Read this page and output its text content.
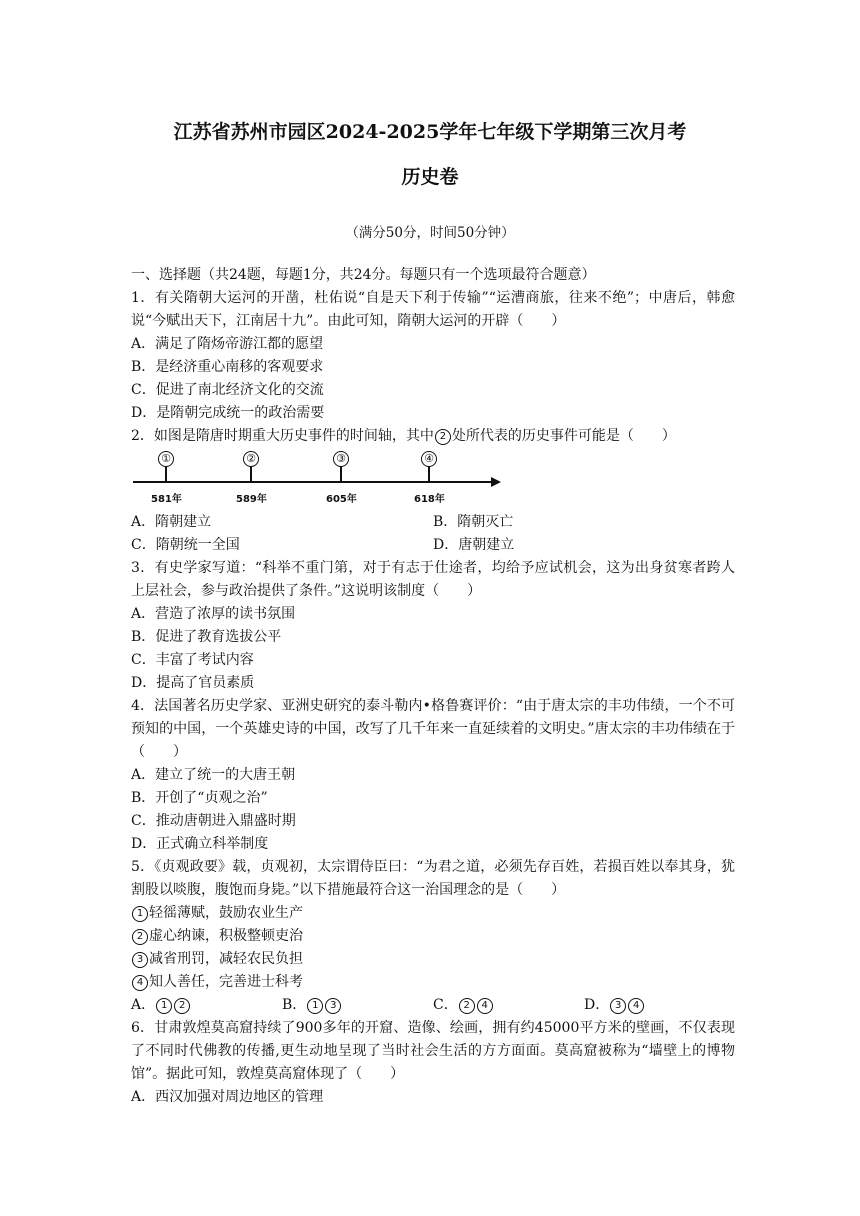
江苏省苏州市园区2024-2025学年七年级下学期第三次月考
历史卷
（满分50分，时间50分钟）

一、选择题（共24题，每题1分，共24分。每题只有一个选项最符合题意）

1．有关隋朝大运河的开凿，杜佑说“自是天下利于传输”“运漕商旅，往来不绝”；中唐后，韩愈说“今赋出天下，江南居十九”。由此可知，隋朝大运河的开辟（　　）

A．满足了隋炀帝游江都的愿望

B．是经济重心南移的客观要求

C．促进了南北经济文化的交流

D．是隋朝完成统一的政治需要

2．如图是隋唐时期重大历史事件的时间轴，其中 2 处所代表的历史事件可能是（　　）

①	②	③	④
581年	589年	605年	618年
A．隋朝建立	B．隋朝灭亡
C．隋朝统一全国	D．唐朝建立

3．有史学家写道：“科举不重门第，对于有志于仕途者，均给予应试机会，这为出身贫寒者跨人上层社会，参与政治提供了条件。”这说明该制度（　　）

A．营造了浓厚的读书氛围

B．促进了教育选拔公平

C．丰富了考试内容

D．提高了官员素质

4．法国著名历史学家、亚洲史研究的泰斗勒内•格鲁赛评价：“由于唐太宗的丰功伟绩，一个不可预知的中国，一个英雄史诗的中国，改写了几千年来一直延续着的文明史。”唐太宗的丰功伟绩在于（　　）

A．建立了统一的大唐王朝

B．开创了“贞观之治”

C．推动唐朝进入鼎盛时期

D．正式确立科举制度

5．《贞观政要》载，贞观初，太宗谓侍臣曰：“为君之道，必须先存百姓，若损百姓以奉其身，犹割股以啖腹，腹饱而身毙。”以下措施最符合这一治国理念的是（　　）

1 轻徭薄赋，鼓励农业生产

2 虚心纳谏，积极整顿吏治

3 减省刑罚，减轻农民负担

4 知人善任，完善进士科考

A． 1 2	B． 1 3	C． 2 4	D． 3 4

6．甘肃敦煌莫高窟持续了900多年的开窟、造像、绘画，拥有约45000平方米的壁画，不仅表现了不同时代佛教的传播,更生动地呈现了当时社会生活的方方面面。莫高窟被称为“墙壁上的博物馆”。据此可知，敦煌莫高窟体现了（　　）

A．西汉加强对周边地区的管理
